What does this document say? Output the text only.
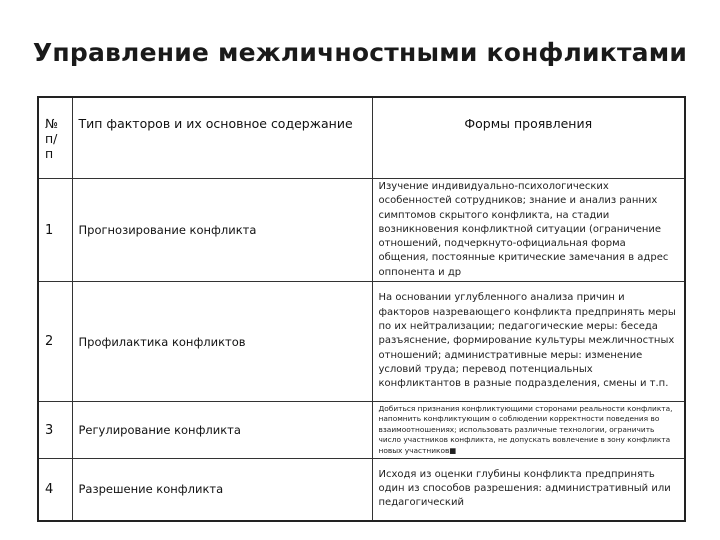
Управление межличностными конфликтами
№ п/п	Тип факторов и их основное содержание	Формы проявления
1	Прогнозирование конфликта	Изучение индивидуально-психологических особенностей сотрудников; знание и анализ ранних симптомов скрытого конфликта, на стадии возникновения конфликтной ситуации (ограничение отношений, подчеркнуто-официальная форма общения, постоянные критические замечания в адрес оппонента и др
2	Профилактика конфликтов	На основании углубленного анализа причин и факторов назревающего конфликта предпринять меры по их нейтрализации; педагогические меры: беседа разъяснение, формирование культуры межличностных отношений; административные меры: изменение условий труда; перевод потенциальных конфликтантов в разные подразделения, смены и т.п.
3	Регулирование конфликта	Добиться признания конфликтующими сторонами реальности конфликта, напомнить конфликтующим о соблюдении корректности поведения во взаимоотношениях; использовать различные технологии, ограничить число участников конфликта, не допускать вовлечение в зону конфликта новых участников■
4	Разрешение конфликта	Исходя из оценки глубины конфликта предпринять один из способов разрешения: административный или педагогический
